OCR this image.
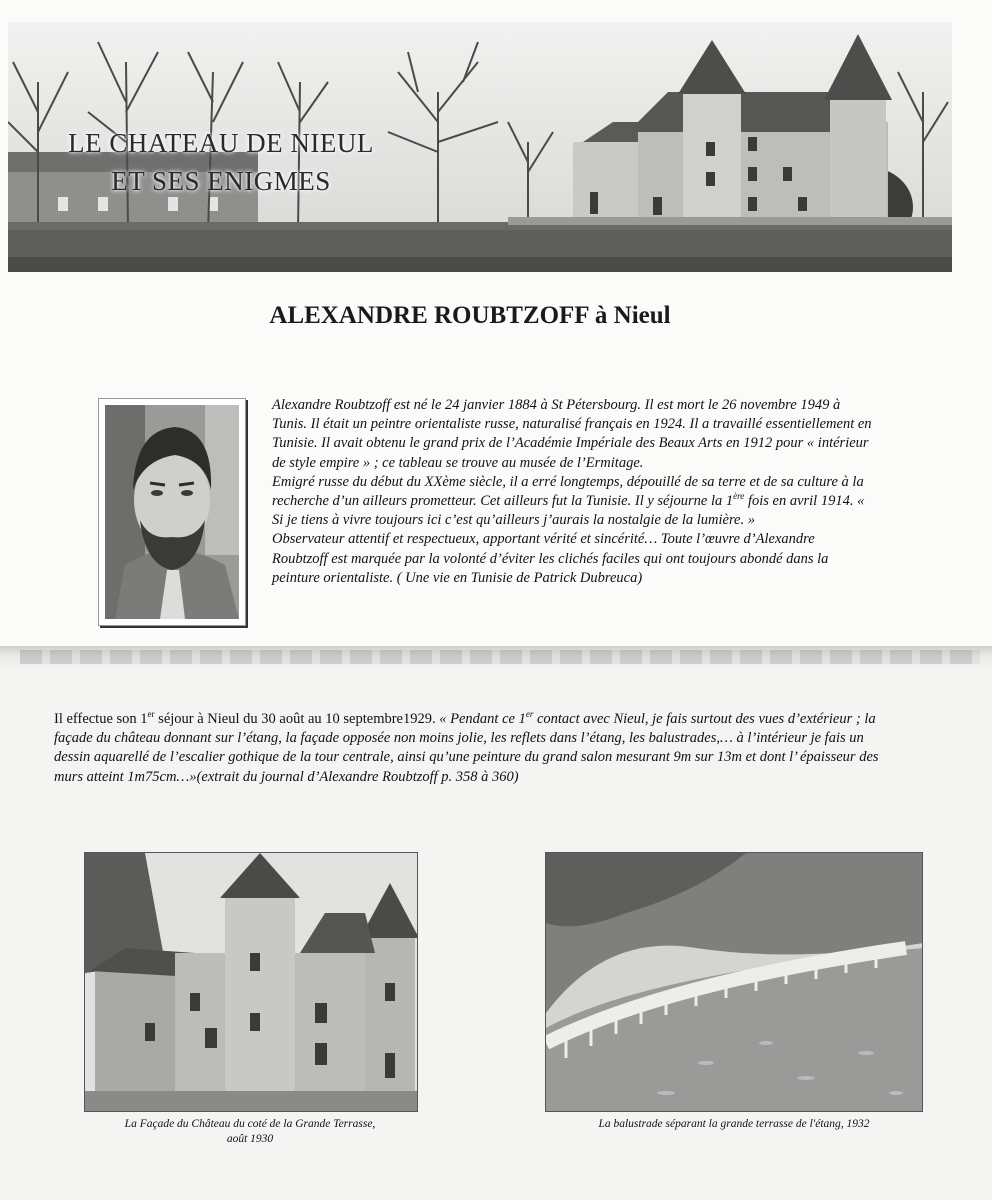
LE CHATEAU DE NIEUL
ET SES ENIGMES
ALEXANDRE ROUBTZOFF à Nieul

Alexandre Roubtzoff est né le 24 janvier 1884 à St Pétersbourg. Il est mort le 26 novembre 1949 à Tunis. Il était un peintre orientaliste russe, naturalisé français en 1924. Il a travaillé essentiellement en Tunisie. Il avait obtenu le grand prix de l’Académie Impériale des Beaux Arts en 1912 pour « intérieur de style empire » ; ce tableau se trouve au musée de l’Ermitage.

Emigré russe du début du XXème siècle, il a erré longtemps, dépouillé de sa terre et de sa culture à la recherche d’un ailleurs prometteur. Cet ailleurs fut la Tunisie. Il y séjourne la 1ère fois en avril 1914. « Si je tiens à vivre toujours ici c’est qu’ailleurs j’aurais la nostalgie de la lumière. »

Observateur attentif et respectueux, apportant vérité et sincérité… Toute l’œuvre d’Alexandre Roubtzoff est marquée par la volonté d’éviter les clichés faciles qui ont toujours abondé dans la peinture orientaliste. ( Une vie en Tunisie de Patrick Dubreuca)

Il effectue son 1er séjour à Nieul du 30 août au 10 septembre1929. « Pendant ce 1er contact avec Nieul, je fais surtout des vues d’extérieur ; la façade du château donnant sur l’étang, la façade opposée non moins jolie, les reflets dans l’étang, les balustrades,… à l’intérieur je fais un dessin aquarellé de l’escalier gothique de la tour centrale, ainsi qu’une peinture du grand salon mesurant 9m sur 13m et dont l’ épaisseur des murs atteint 1m75cm…»(extrait du journal d’Alexandre Roubtzoff p. 358 à 360)
La Façade du Château du coté de la Grande Terrasse,
août 1930
La balustrade séparant la grande terrasse de l'étang, 1932
